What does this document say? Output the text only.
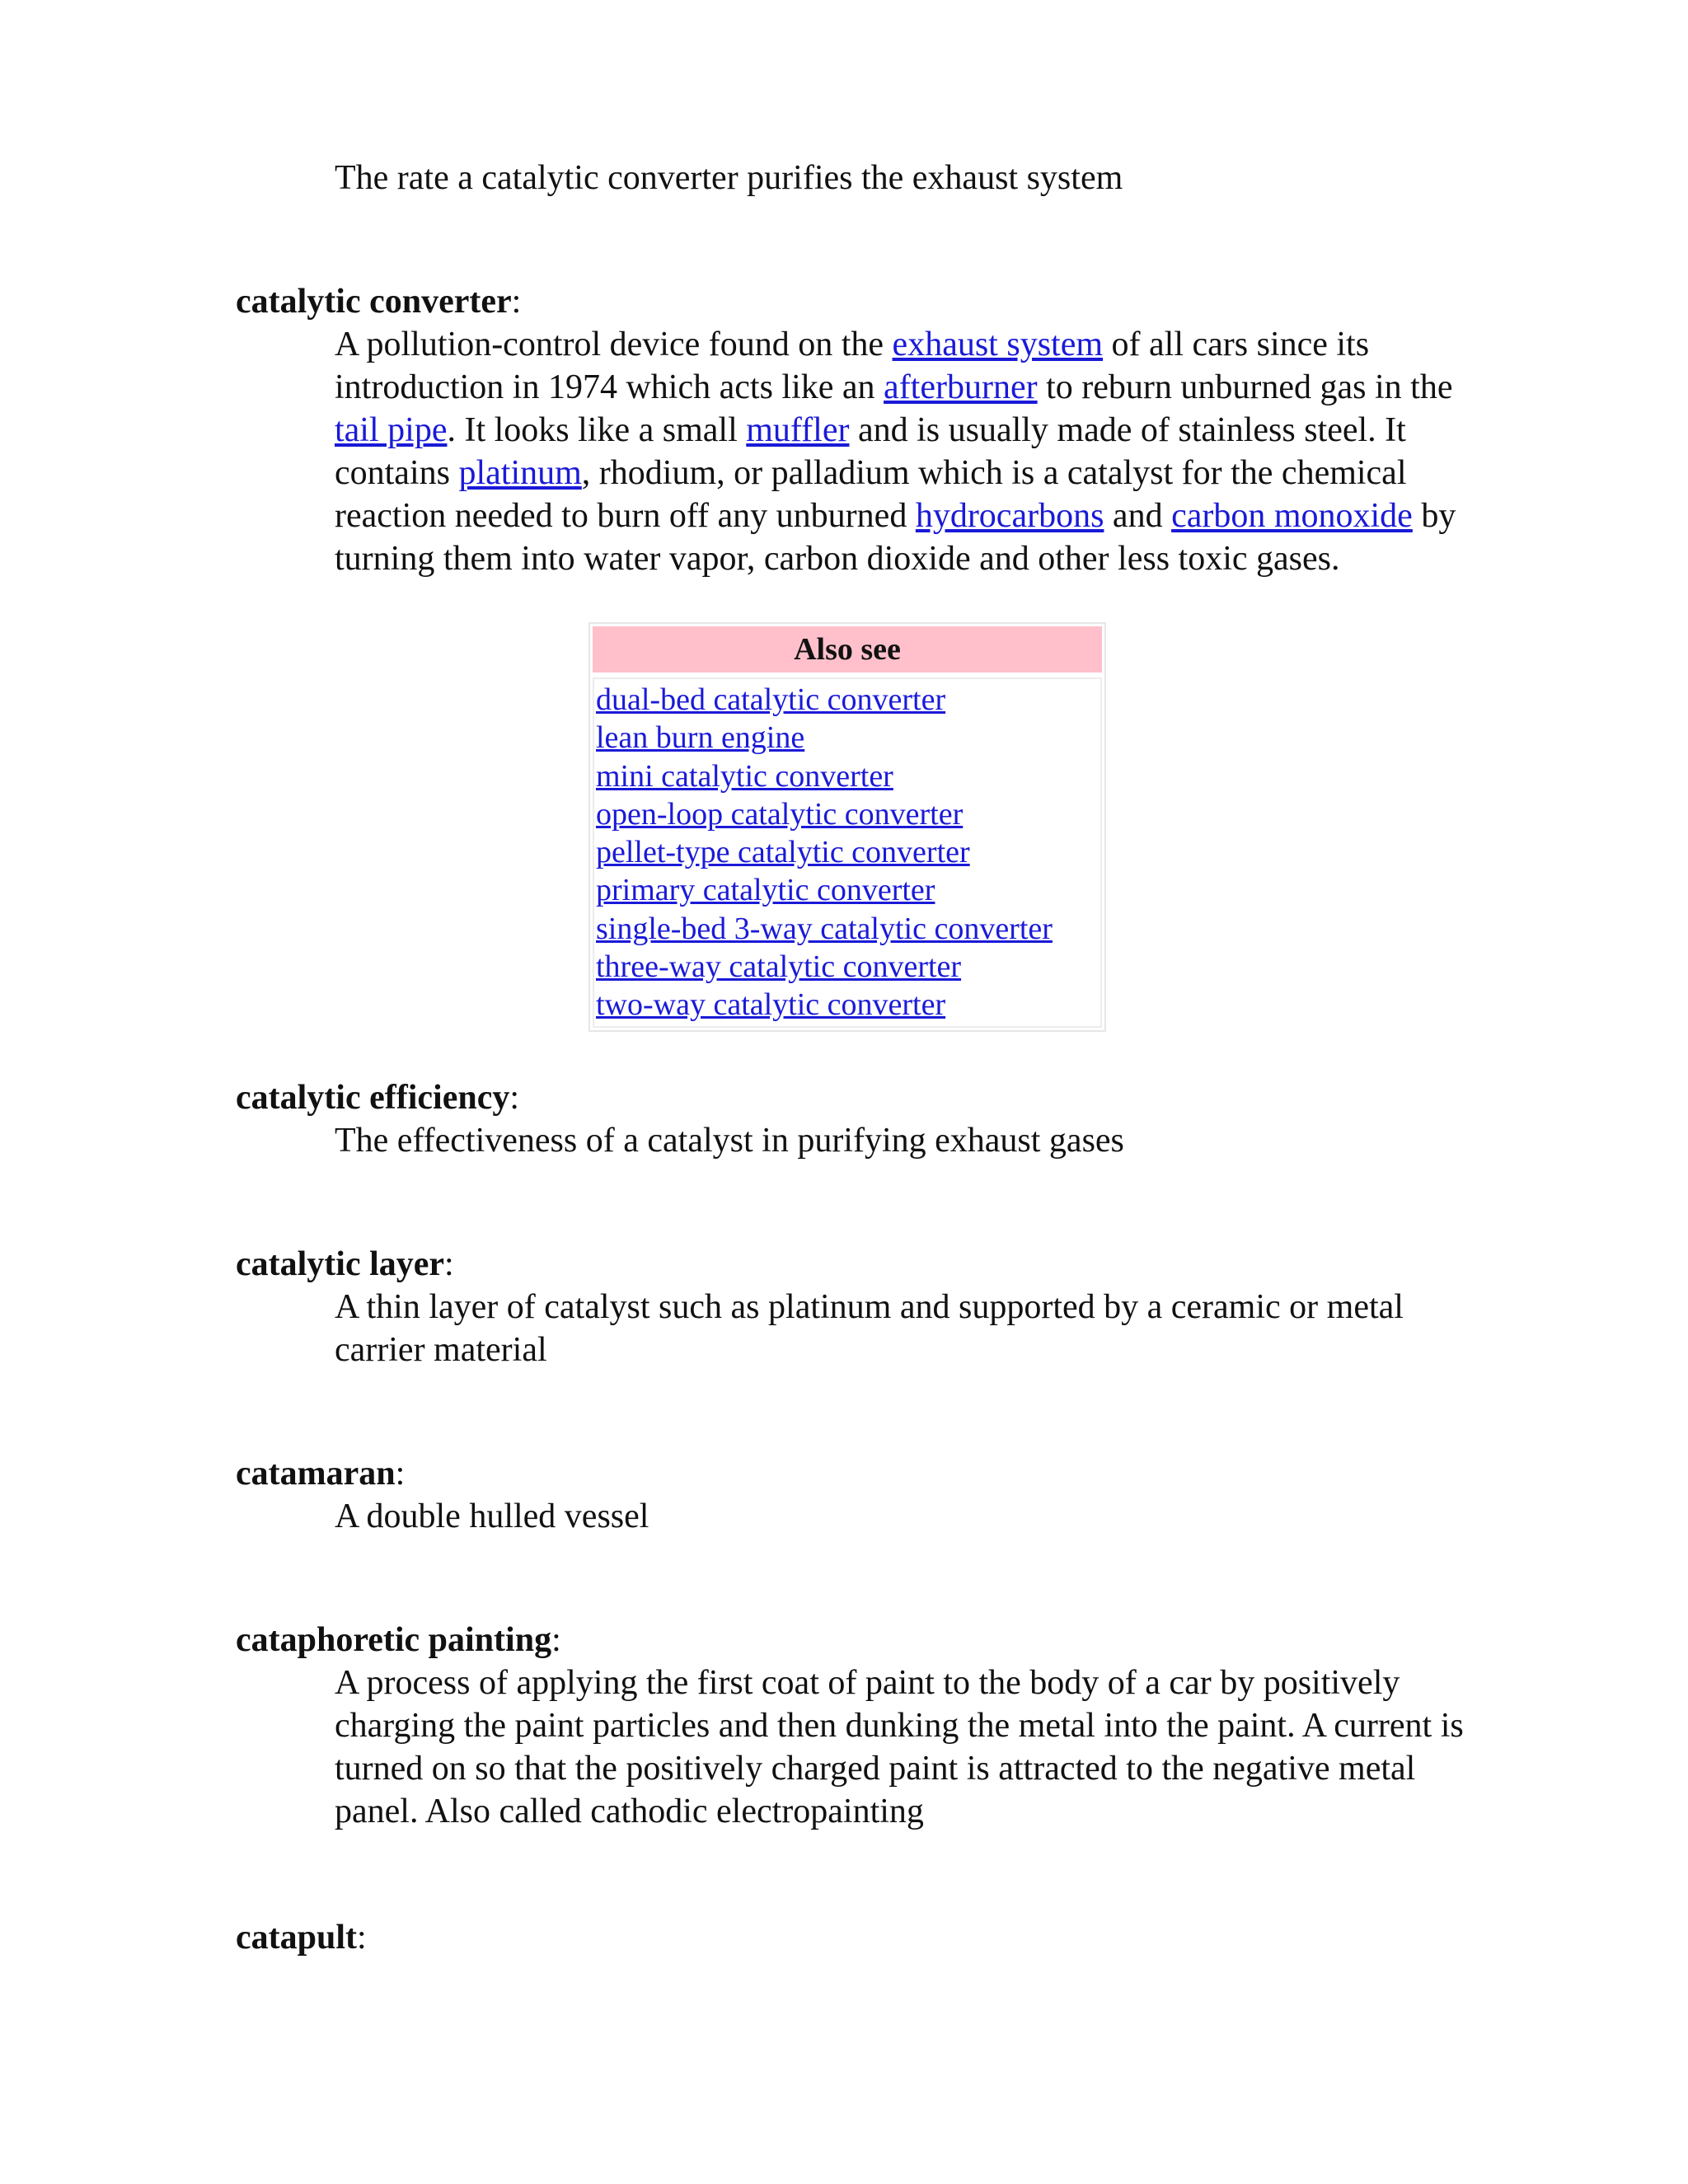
The rate a catalytic converter purifies the exhaust system
catalytic converter:
A pollution-control device found on the exhaust system of all cars since its introduction in 1974 which acts like an afterburner to reburn unburned gas in the tail pipe. It looks like a small muffler and is usually made of stainless steel. It contains platinum, rhodium, or palladium which is a catalyst for the chemical reaction needed to burn off any unburned hydrocarbons and carbon monoxide by turning them into water vapor, carbon dioxide and other less toxic gases.
Also see
dual-bed catalytic converter
lean burn engine
mini catalytic converter
open-loop catalytic converter
pellet-type catalytic converter
primary catalytic converter
single-bed 3-way catalytic converter
three-way catalytic converter
two-way catalytic converter
catalytic efficiency:
The effectiveness of a catalyst in purifying exhaust gases
catalytic layer:
A thin layer of catalyst such as platinum and supported by a ceramic or metal carrier material
catamaran:
A double hulled vessel
cataphoretic painting:
A process of applying the first coat of paint to the body of a car by positively charging the paint particles and then dunking the metal into the paint. A current is turned on so that the positively charged paint is attracted to the negative metal panel. Also called cathodic electropainting
catapult:
